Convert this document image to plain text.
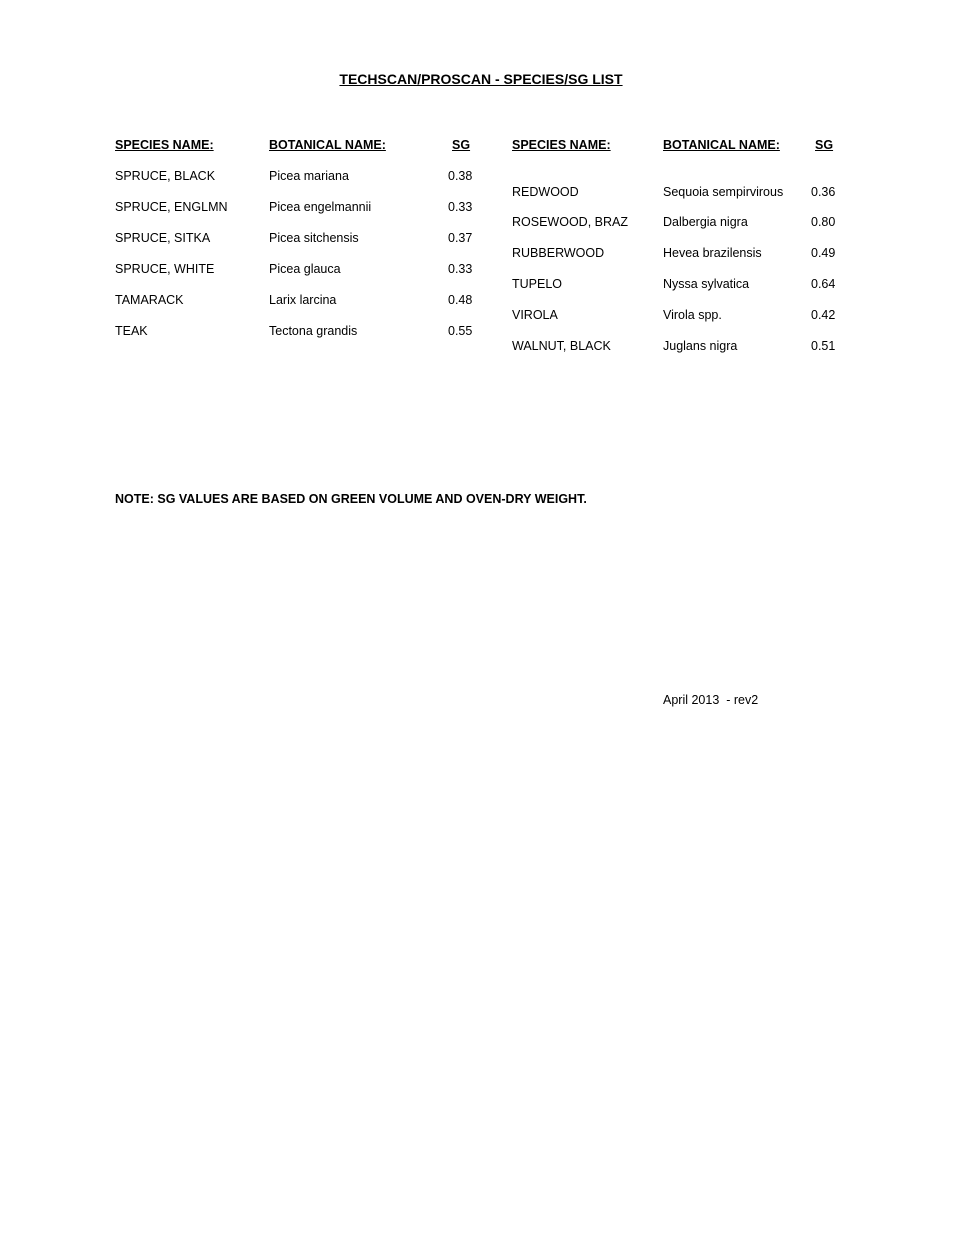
TECHSCAN/PROSCAN - SPECIES/SG LIST
SPECIES NAME:	BOTANICAL NAME:	SG
SPRUCE, BLACK	Picea mariana	0.38
SPRUCE, ENGLMN	Picea engelmannii	0.33
SPRUCE, SITKA	Picea sitchensis	0.37
SPRUCE, WHITE	Picea glauca	0.33
TAMARACK	Larix larcina	0.48
TEAK	Tectona grandis	0.55
SPECIES NAME:	BOTANICAL NAME:	SG
REDWOOD	Sequoia sempirvirous 0.36
ROSEWOOD, BRAZ	Dalbergia nigra	0.80
RUBBERWOOD	Hevea brazilensis	0.49
TUPELO	Nyssa sylvatica	0.64
VIROLA	Virola spp.	0.42
WALNUT, BLACK	Juglans nigra	0.51
NOTE: SG VALUES ARE BASED ON GREEN VOLUME AND OVEN-DRY WEIGHT.
April 2013  - rev2
